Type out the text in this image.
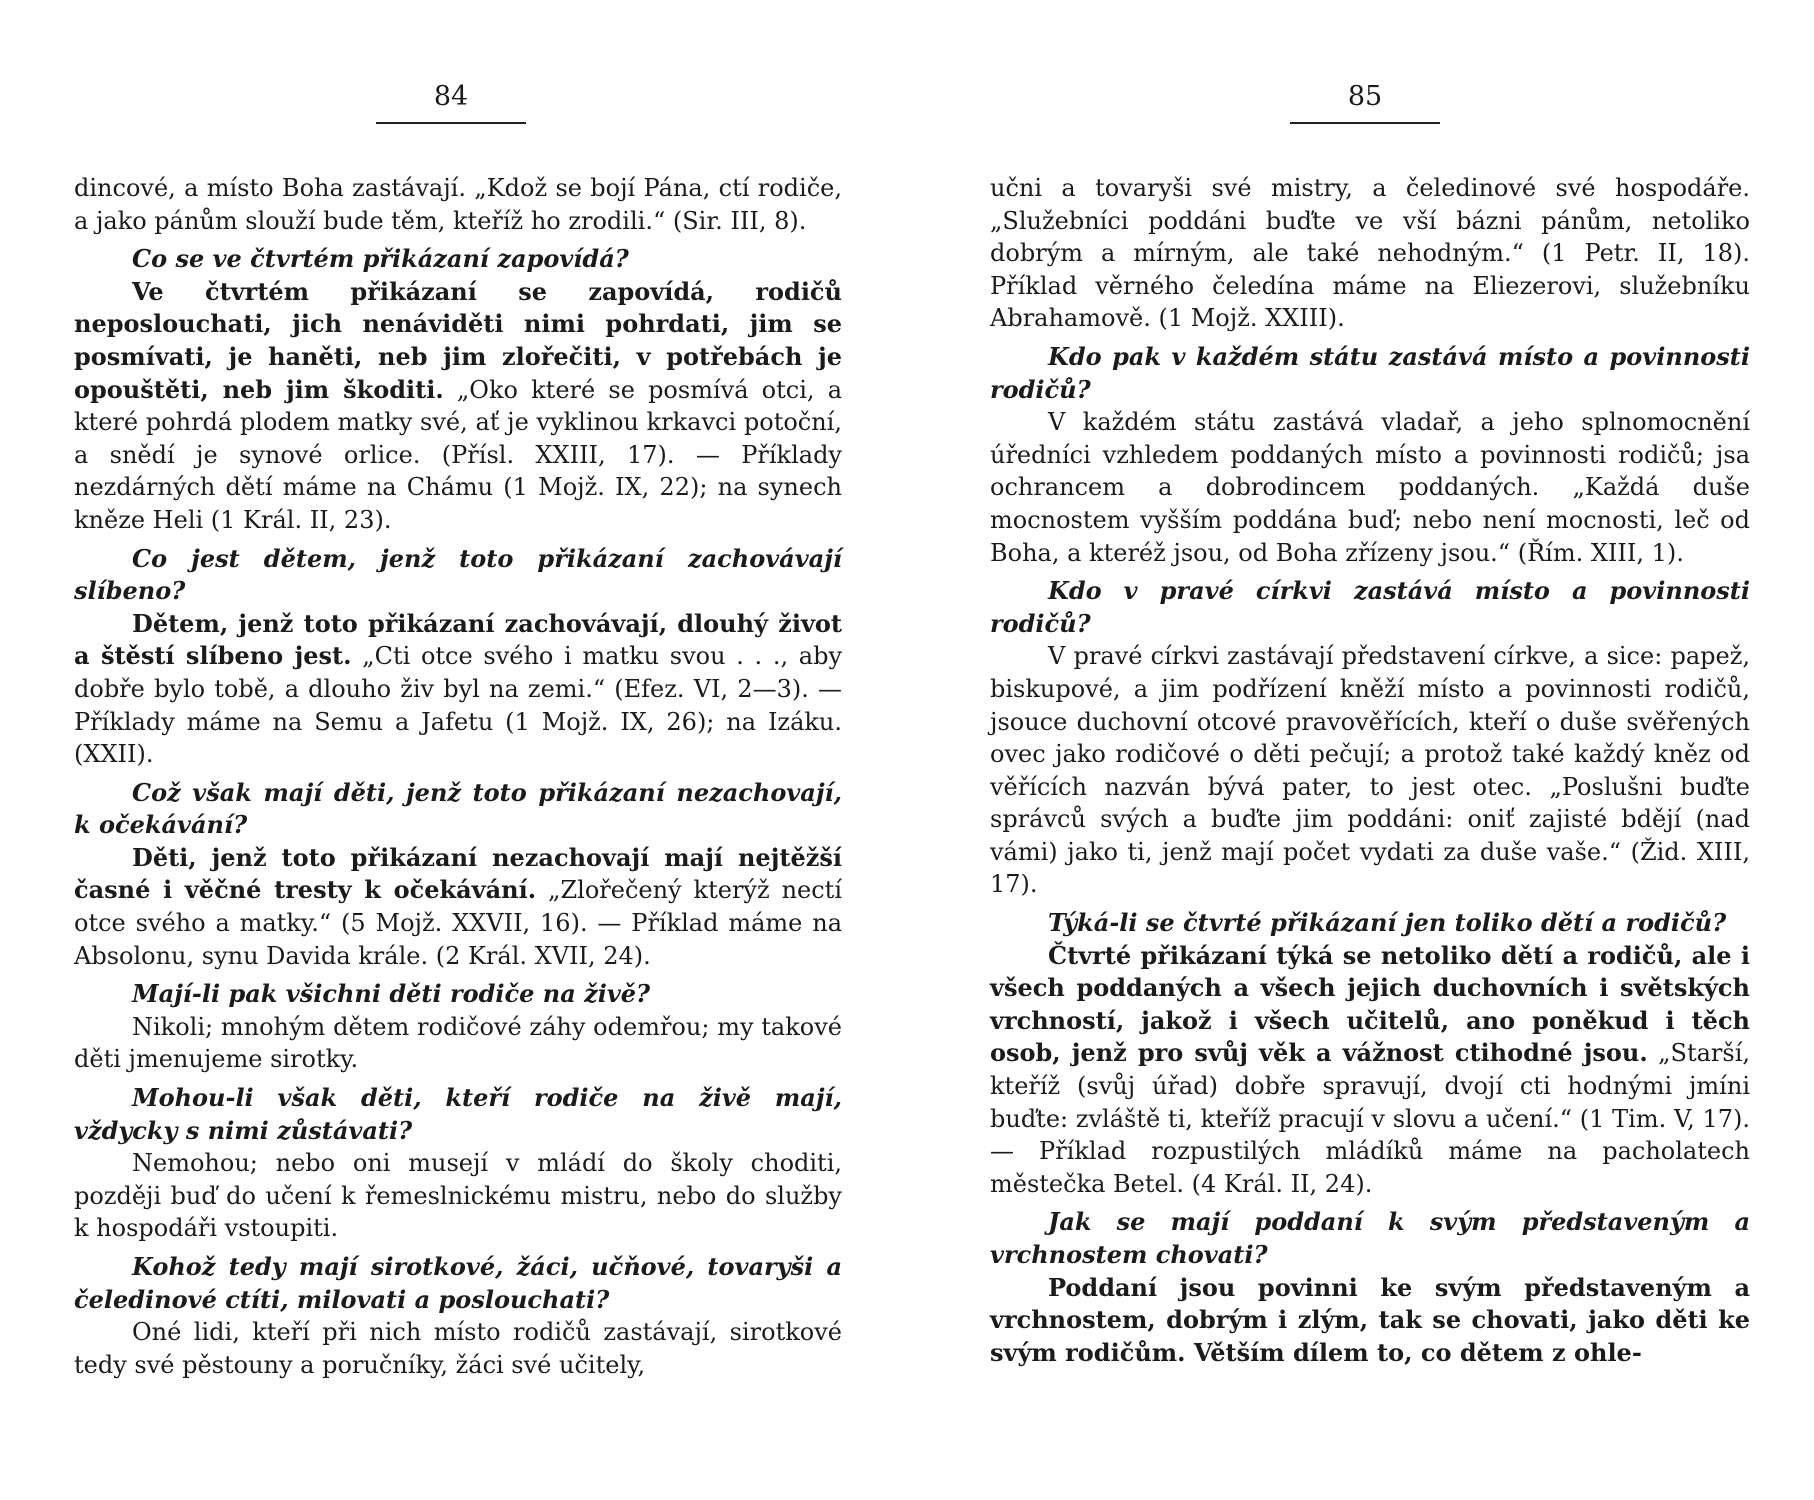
84

dincové, a místo Boha zastávají. „Kdož se bojí Pána, ctí rodiče, a jako pánům slouží bude těm, kteříž ho zrodili.“ (Sir. III, 8).

Co se ve čtvrtém přikázaní zapovídá?

Ve čtvrtém přikázaní se zapovídá, rodičů neposlouchati, jich nenáviděti nimi pohrdati, jim se posmívati, je haněti, neb jim zlořečiti, v potřebách je opouštěti, neb jim škoditi. „Oko které se posmívá otci, a které pohrdá plodem matky své, ať je vyklinou krkavci potoční, a snědí je synové orlice. (Přísl. XXIII, 17). — Příklady nezdárných dětí máme na Chámu (1 Mojž. IX, 22); na synech kněze Heli (1 Král. II, 23).

Co jest dětem, jenž toto přikázaní zachovávají slíbeno?

Dětem, jenž toto přikázaní zachovávají, dlouhý život a štěstí slíbeno jest. „Cti otce svého i matku svou . . ., aby dobře bylo tobě, a dlouho živ byl na zemi.“ (Efez. VI, 2—3). — Příklady máme na Semu a Jafetu (1 Mojž. IX, 26); na Izáku. (XXII).

Což však mají děti, jenž toto přikázaní nezachovají, k očekávání?

Děti, jenž toto přikázaní nezachovají mají nejtěžší časné i věčné tresty k očekávání. „Zlořečený kterýž nectí otce svého a matky.“ (5 Mojž. XXVII, 16). — Příklad máme na Absolonu, synu Davida krále. (2 Král. XVII, 24).

Mají-li pak všichni děti rodiče na živě?

Nikoli; mnohým dětem rodičové záhy odemřou; my takové děti jmenujeme sirotky.

Mohou-li však děti, kteří rodiče na živě mají, vždycky s nimi zůstávati?

Nemohou; nebo oni musejí v mládí do školy choditi, později buď do učení k řemeslnickému mistru, nebo do služby k hospodáři vstoupiti.

Kohož tedy mají sirotkové, žáci, učňové, tovaryši a čeledinové ctíti, milovati a poslouchati?

Oné lidi, kteří při nich místo rodičů zastávají, sirotkové tedy své pěstouny a poručníky, žáci své učitely,

85

učni a tovaryši své mistry, a čeledinové své hospodáře. „Služebníci poddáni buďte ve vší bázni pánům, netoliko dobrým a mírným, ale také nehodným.“ (1 Petr. II, 18). Příklad věrného čeledína máme na Eliezerovi, služebníku Abrahamově. (1 Mojž. XXIII).

Kdo pak v každém státu zastává místo a povinnosti rodičů?

V každém státu zastává vladař, a jeho splnomocnění úředníci vzhledem poddaných místo a povinnosti rodičů; jsa ochrancem a dobrodincem poddaných. „Každá duše mocnostem vyšším poddána buď; nebo není mocnosti, leč od Boha, a kteréž jsou, od Boha zřízeny jsou.“ (Řím. XIII, 1).

Kdo v pravé církvi zastává místo a povinnosti rodičů?

V pravé církvi zastávají představení církve, a sice: papež, biskupové, a jim podřízení kněží místo a povinnosti rodičů, jsouce duchovní otcové pravověřících, kteří o duše svěřených ovec jako rodičové o děti pečují; a protož také každý kněz od věřících nazván bývá pater, to jest otec. „Poslušni buďte správců svých a buďte jim poddáni: oniť zajisté bdějí (nad vámi) jako ti, jenž mají počet vydati za duše vaše.“ (Žid. XIII, 17).

Týká-li se čtvrté přikázaní jen toliko dětí a rodičů?

Čtvrté přikázaní týká se netoliko dětí a rodičů, ale i všech poddaných a všech jejich duchovních i světských vrchností, jakož i všech učitelů, ano poněkud i těch osob, jenž pro svůj věk a vážnost ctihodné jsou. „Starší, kteříž (svůj úřad) dobře spravují, dvojí cti hodnými jmíni buďte: zvláště ti, kteříž pracují v slovu a učení.“ (1 Tim. V, 17). — Příklad rozpustilých mládíků máme na pacholatech městečka Betel. (4 Král. II, 24).

Jak se mají poddaní k svým představeným a vrchnostem chovati?

Poddaní jsou povinni ke svým představeným a vrchnostem, dobrým i zlým, tak se chovati, jako děti ke svým rodičům. Větším dílem to, co dětem z ohle-
